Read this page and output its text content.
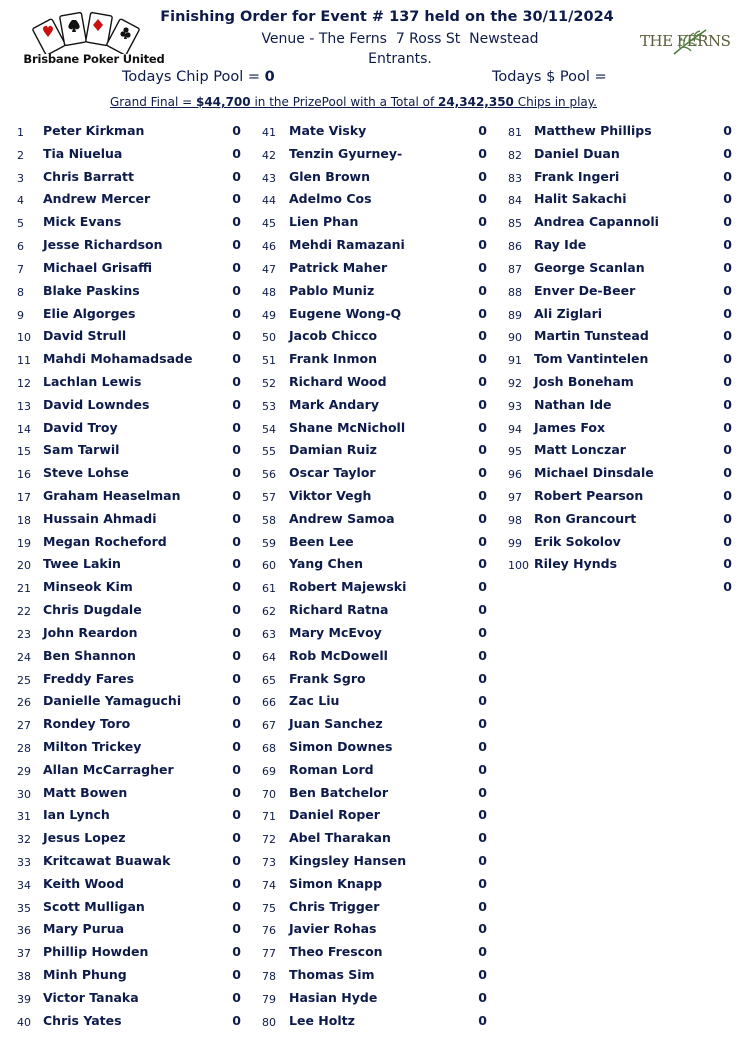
Brisbane Poker United
Finishing Order for Event # 137 held on the 30/11/2024
Venue - The Ferns  7 Ross St  Newstead
Entrants.
THE FERNS
Todays Chip Pool = 0	Todays $ Pool =
Grand Final = $44,700 in the PrizePool with a Total of 24,342,350 Chips in play.
1 Peter Kirkman	0
2 Tia Niuelua	0
3 Chris Barratt	0
4 Andrew Mercer	0
5 Mick Evans	0
6 Jesse Richardson	0
7 Michael Grisaffi	0
8 Blake Paskins	0
9 Elie Algorges	0
10 David Strull	0
11 Mahdi Mohamadsade	0
12 Lachlan Lewis	0
13 David Lowndes	0
14 David Troy	0
15 Sam Tarwil	0
16 Steve Lohse	0
17 Graham Heaselman	0
18 Hussain Ahmadi	0
19 Megan Rocheford	0
20 Twee Lakin	0
21 Minseok Kim	0
22 Chris Dugdale	0
23 John Reardon	0
24 Ben Shannon	0
25 Freddy Fares	0
26 Danielle Yamaguchi	0
27 Rondey Toro	0
28 Milton Trickey	0
29 Allan McCarragher	0
30 Matt Bowen	0
31 Ian Lynch	0
32 Jesus Lopez	0
33 Kritcawat Buawak	0
34 Keith Wood	0
35 Scott Mulligan	0
36 Mary Purua	0
37 Phillip Howden	0
38 Minh Phung	0
39 Victor Tanaka	0
40 Chris Yates	0
41 Mate Visky	0
42 Tenzin Gyurney-	0
43 Glen Brown	0
44 Adelmo Cos	0
45 Lien Phan	0
46 Mehdi Ramazani	0
47 Patrick Maher	0
48 Pablo Muniz	0
49 Eugene Wong-Q	0
50 Jacob Chicco	0
51 Frank Inmon	0
52 Richard Wood	0
53 Mark Andary	0
54 Shane McNicholl	0
55 Damian Ruiz	0
56 Oscar Taylor	0
57 Viktor Vegh	0
58 Andrew Samoa	0
59 Been Lee	0
60 Yang Chen	0
61 Robert Majewski	0
62 Richard Ratna	0
63 Mary McEvoy	0
64 Rob McDowell	0
65 Frank Sgro	0
66 Zac Liu	0
67 Juan Sanchez	0
68 Simon Downes	0
69 Roman Lord	0
70 Ben Batchelor	0
71 Daniel Roper	0
72 Abel Tharakan	0
73 Kingsley Hansen	0
74 Simon Knapp	0
75 Chris Trigger	0
76 Javier Rohas	0
77 Theo Frescon	0
78 Thomas Sim	0
79 Hasian Hyde	0
80 Lee Holtz	0
81 Matthew Phillips	0
82 Daniel Duan	0
83 Frank Ingeri	0
84 Halit Sakachi	0
85 Andrea Capannoli	0
86 Ray Ide	0
87 George Scanlan	0
88 Enver De-Beer	0
89 Ali Ziglari	0
90 Martin Tunstead	0
91 Tom Vantintelen	0
92 Josh Boneham	0
93 Nathan Ide	0
94 James Fox	0
95 Matt Lonczar	0
96 Michael Dinsdale	0
97 Robert Pearson	0
98 Ron Grancourt	0
99 Erik Sokolov	0
100 Riley Hynds	0
0
